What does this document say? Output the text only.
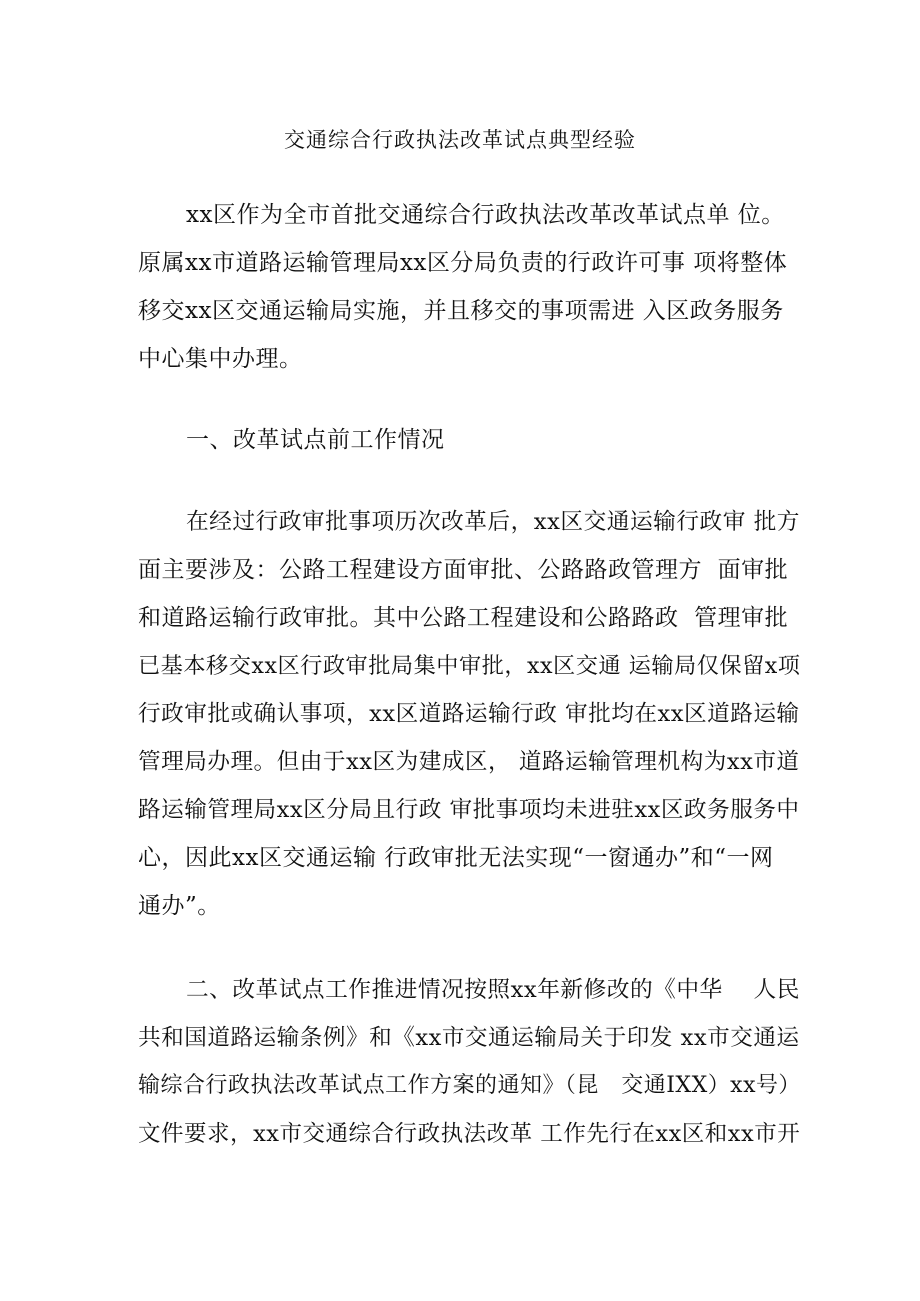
交通综合行政执法改革试点典型经验
xx区作为全市首批交通综合行政执法改革改革试点单 位。
原属xx市道路运输管理局xx区分局负责的行政许可事 项将整体
移交xx区交通运输局实施，并且移交的事项需进 入区政务服务
中心集中办理。
一、改革试点前工作情况
在经过行政审批事项历次改革后，xx区交通运输行政审 批方
面主要涉及：公路工程建设方面审批、公路路政管理方  面审批
和道路运输行政审批。其中公路工程建设和公路路政  管理审批
已基本移交xx区行政审批局集中审批，xx区交通 运输局仅保留x项
行政审批或确认事项，xx区道路运输行政 审批均在xx区道路运输
管理局办理。但由于xx区为建成区， 道路运输管理机构为xx市道
路运输管理局xx区分局且行政 审批事项均未进驻xx区政务服务中
心，因此xx区交通运输 行政审批无法实现“一窗通办”和“一网
通办”。
二、改革试点工作推进情况按照xx年新修改的《中华    人民
共和国道路运输条例》和《xx市交通运输局关于印发 xx市交通运
输综合行政执法改革试点工作方案的通知》（昆   交通IXX）xx号）
文件要求，xx市交通综合行政执法改革 工作先行在xx区和xx市开
